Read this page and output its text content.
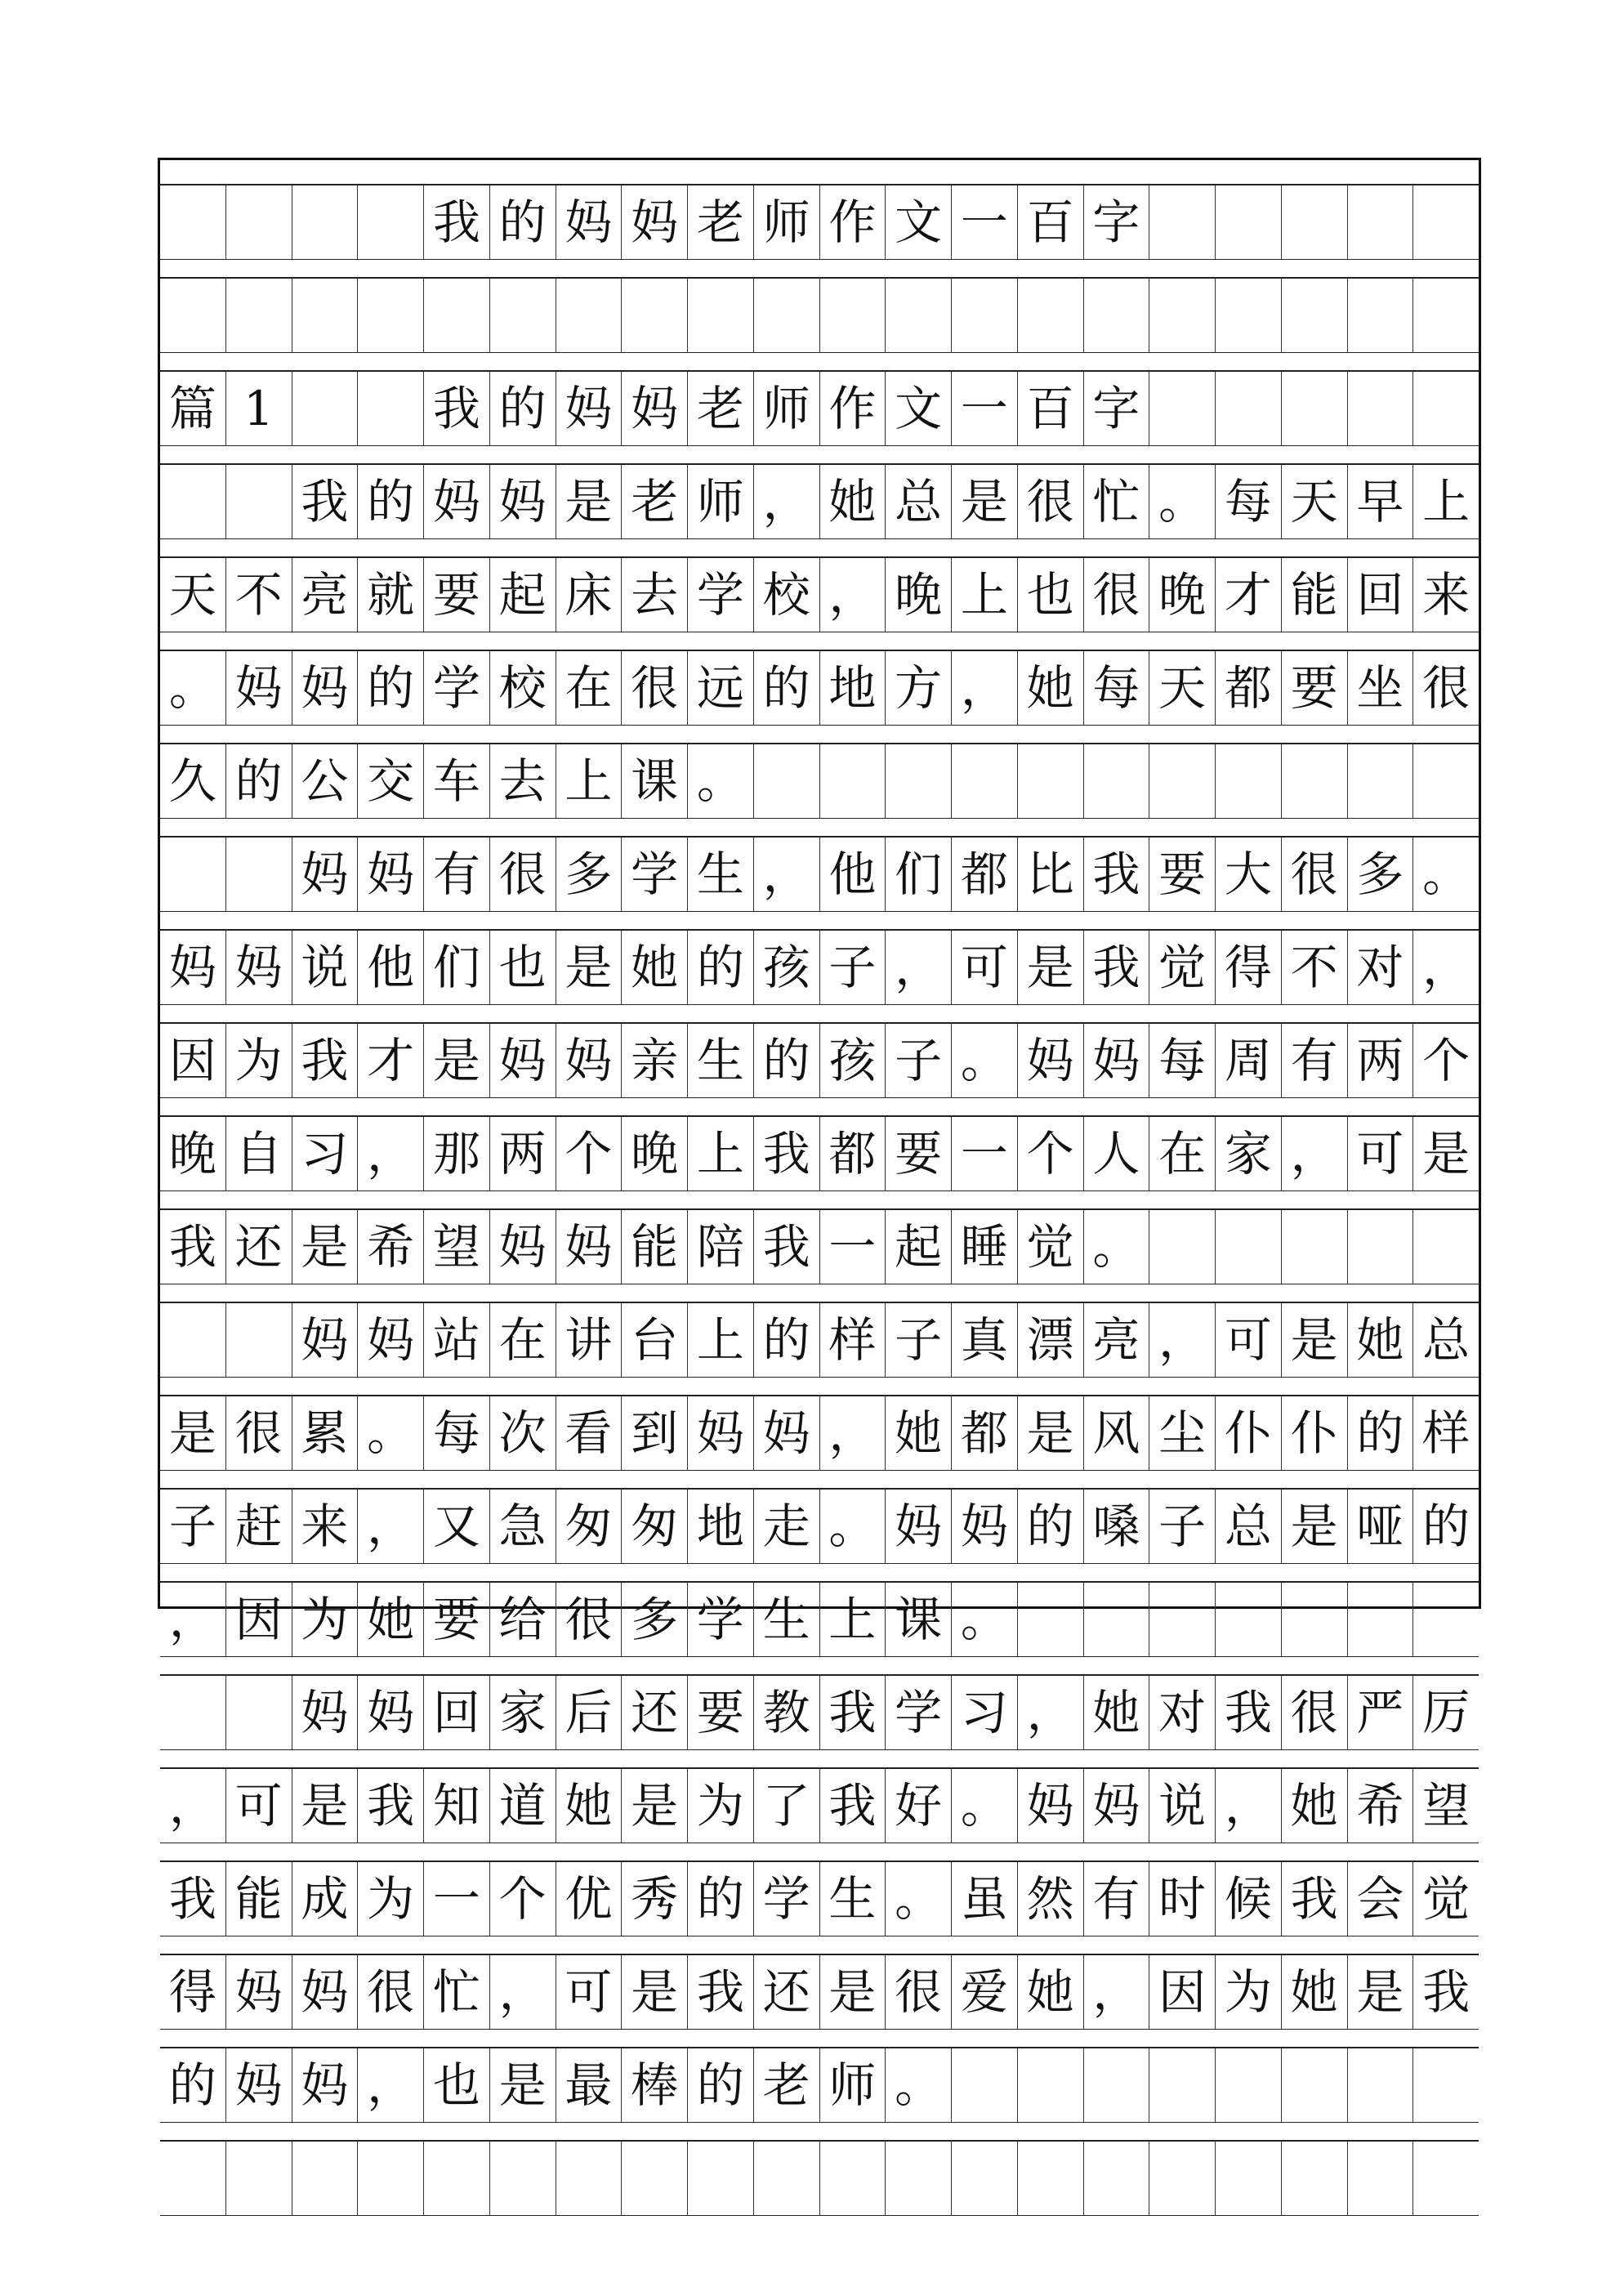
我 的 妈 妈 老 师 作 文 一 百 字
篇 1	我 的 妈 妈 老 师 作 文 一 百 字
我 的 妈 妈 是 老 师 ， 她 总 是 很 忙 。 每 天 早 上
天 不 亮 就 要 起 床 去 学 校 ， 晚 上 也 很 晚 才 能 回 来
。 妈 妈 的 学 校 在 很 远 的 地 方 ， 她 每 天 都 要 坐 很
久 的 公 交 车 去 上 课 。
妈 妈 有 很 多 学 生 ， 他 们 都 比 我 要 大 很 多 。
妈 妈 说 他 们 也 是 她 的 孩 子 ， 可 是 我 觉 得 不 对 ，
因 为 我 才 是 妈 妈 亲 生 的 孩 子 。 妈 妈 每 周 有 两 个
晚 自 习 ， 那 两 个 晚 上 我 都 要 一 个 人 在 家 ， 可 是
我 还 是 希 望 妈 妈 能 陪 我 一 起 睡 觉 。
妈 妈 站 在 讲 台 上 的 样 子 真 漂 亮 ， 可 是 她 总
是 很 累 。 每 次 看 到 妈 妈 ， 她 都 是 风 尘 仆 仆 的 样
子 赶 来 ， 又 急 匆 匆 地 走 。 妈 妈 的 嗓 子 总 是 哑 的
， 因 为 她 要 给 很 多 学 生 上 课 。
妈 妈 回 家 后 还 要 教 我 学 习 ， 她 对 我 很 严 厉
， 可 是 我 知 道 她 是 为 了 我 好 。 妈 妈 说 ， 她 希 望
我 能 成 为 一 个 优 秀 的 学 生 。 虽 然 有 时 候 我 会 觉
得 妈 妈 很 忙 ， 可 是 我 还 是 很 爱 她 ， 因 为 她 是 我
的 妈 妈 ， 也 是 最 棒 的 老 师 。
